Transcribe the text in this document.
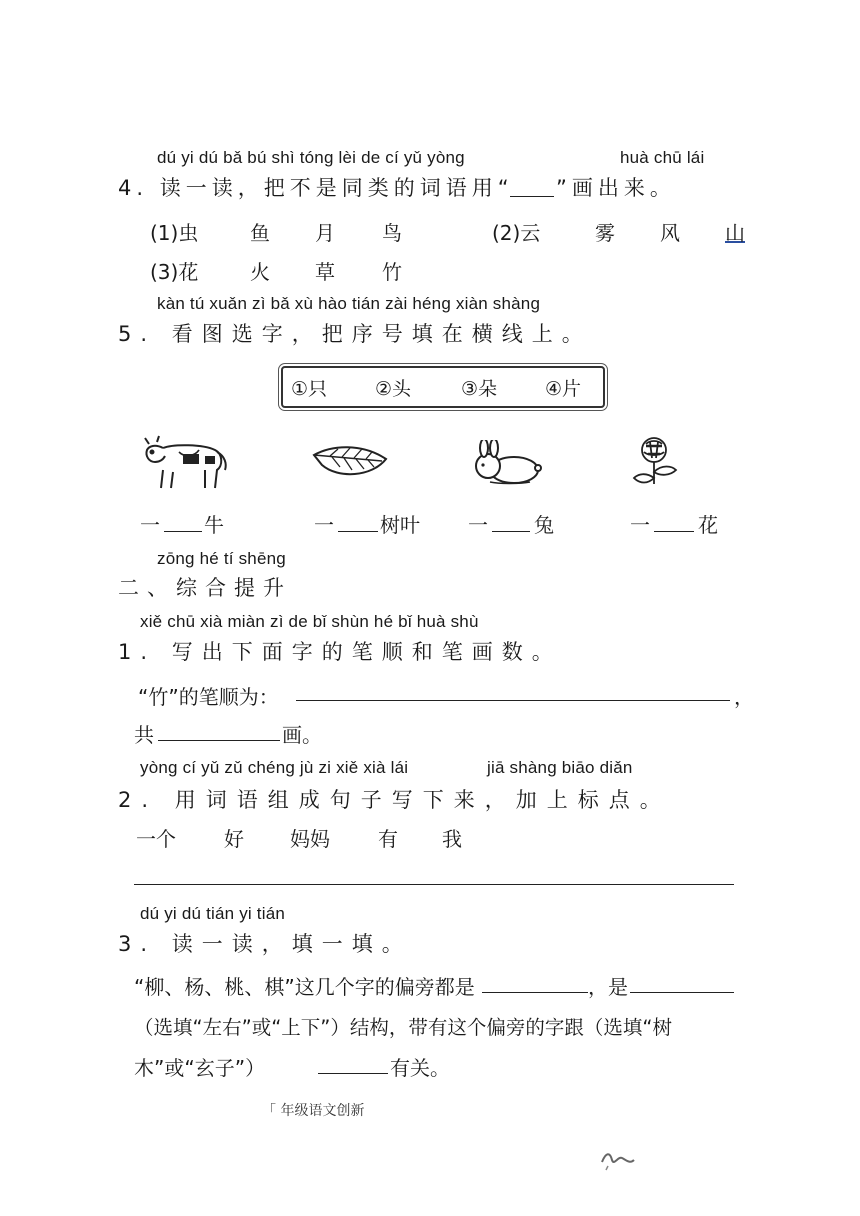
dú yi dú bǎ bú shì tóng lèi de cí yǔ yòng	huà chū lái
4. 读一读，把不是同类的词语用“ ”画出来。
(1)虫	鱼 月 鸟	(2)云	雾 风 山
(3)花	火 草 竹
kàn tú xuǎn zì bǎ xù hào tián zài héng xiàn shàng
5. 看图选字，把序号填在横线上。
①只	②头	③朵	④片
一 牛	一 树叶 一 兔	一 花
zōng hé tí shēng
二、综合提升
xiě chū xià miàn zì de bǐ shùn hé bǐ huà shù
1. 写出下面字的笔顺和笔画数。
“竹”的笔顺为：	，
共	画。
yòng cí yǔ zǔ chéng jù zi xiě xià lái	jiā shàng biāo diǎn
2. 用词语组成句子写下来，加上标点。
一个 好 妈妈 有 我
dú yi dú tián yi tián
3. 读一读，填一填。
“柳、杨、桃、棋”这几个字的偏旁都是	，是
（选填“左右”或“上下”）结构，带有这个偏旁的字跟（选填“树
木”或“玄子”）	有关。
「 年级语文创新
